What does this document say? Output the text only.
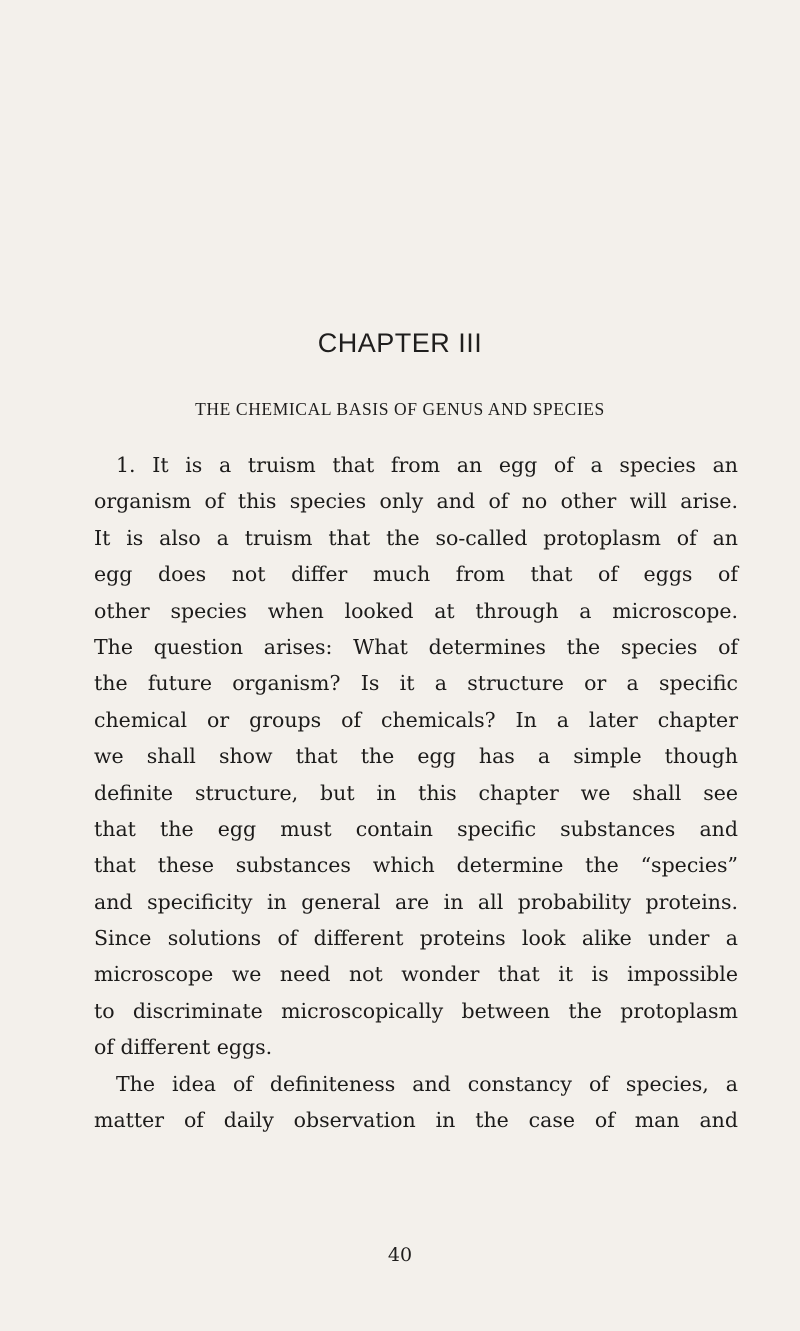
CHAPTER III
THE CHEMICAL BASIS OF GENUS AND SPECIES
1. It is a truism that from an egg of a species an
organism of this species only and of no other will arise.
It is also a truism that the so-called protoplasm of an
egg does not differ much from that of eggs of
other species when looked at through a microscope.
The question arises: What determines the species of
the future organism? Is it a structure or a specific
chemical or groups of chemicals? In a later chapter
we shall show that the egg has a simple though
definite structure, but in this chapter we shall see
that the egg must contain specific substances and
that these substances which determine the “species”
and specificity in general are in all probability proteins.
Since solutions of different proteins look alike under a
microscope we need not wonder that it is impossible
to discriminate microscopically between the protoplasm
of different eggs.
The idea of definiteness and constancy of species, a
matter of daily observation in the case of man and
40
